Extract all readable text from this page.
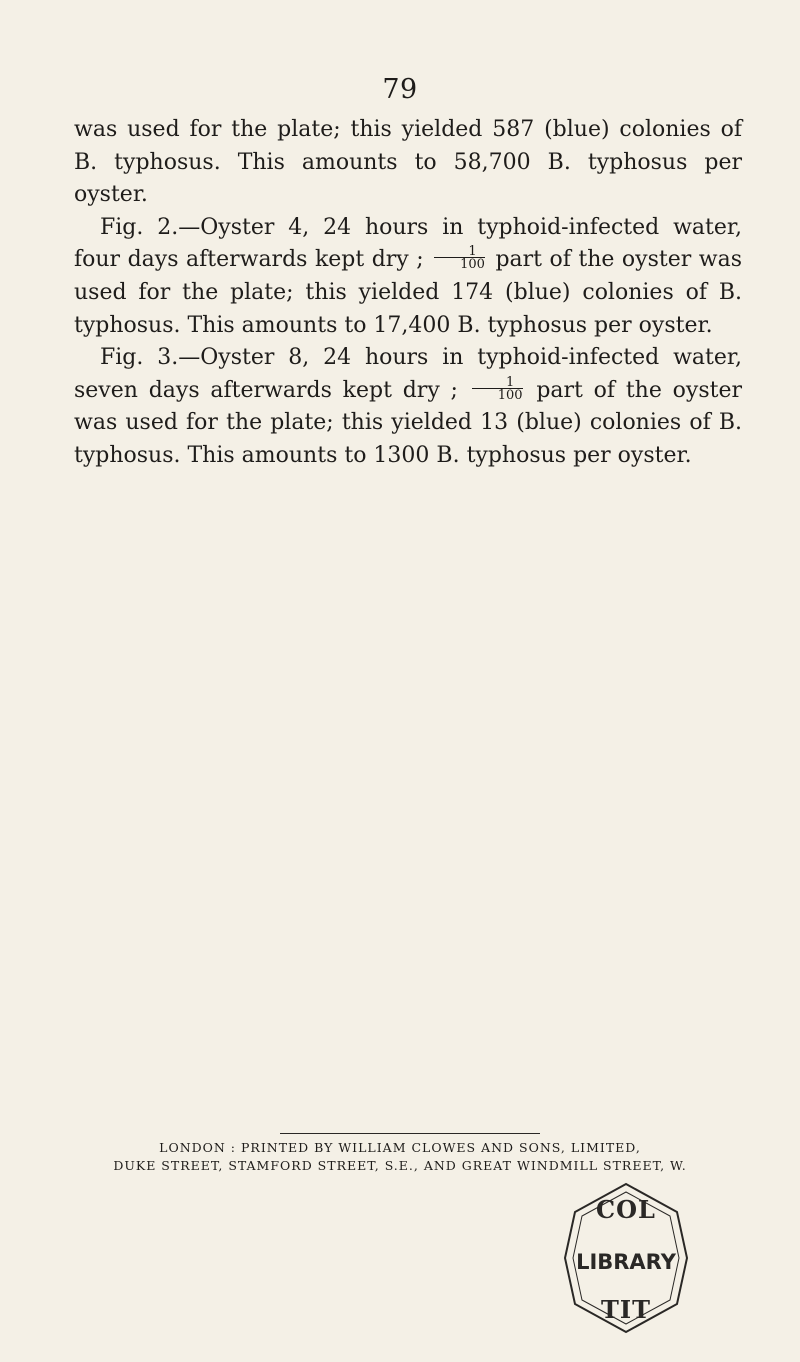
79

was used for the plate; this yielded 587 (blue) colonies of B. typhosus. This amounts to 58,700 B. typhosus per oyster.

Fig. 2.—Oyster 4, 24 hours in typhoid-infected water, four days afterwards kept dry ; $\frac{1}{100}$ part of the oyster was used for the plate; this yielded 174 (blue) colonies of B. typhosus. This amounts to 17,400 B. typhosus per oyster.

Fig. 3.—Oyster 8, 24 hours in typhoid-infected water, seven days afterwards kept dry ; $\frac{1}{100}$ part of the oyster was used for the plate; this yielded 13 (blue) colonies of B. typhosus. This amounts to 1300 B. typhosus per oyster.

LONDON : PRINTED BY WILLIAM CLOWES AND SONS, LIMITED,
DUKE STREET, STAMFORD STREET, S.E., AND GREAT WINDMILL STREET, W.
COL
LIBRARY
TIT
